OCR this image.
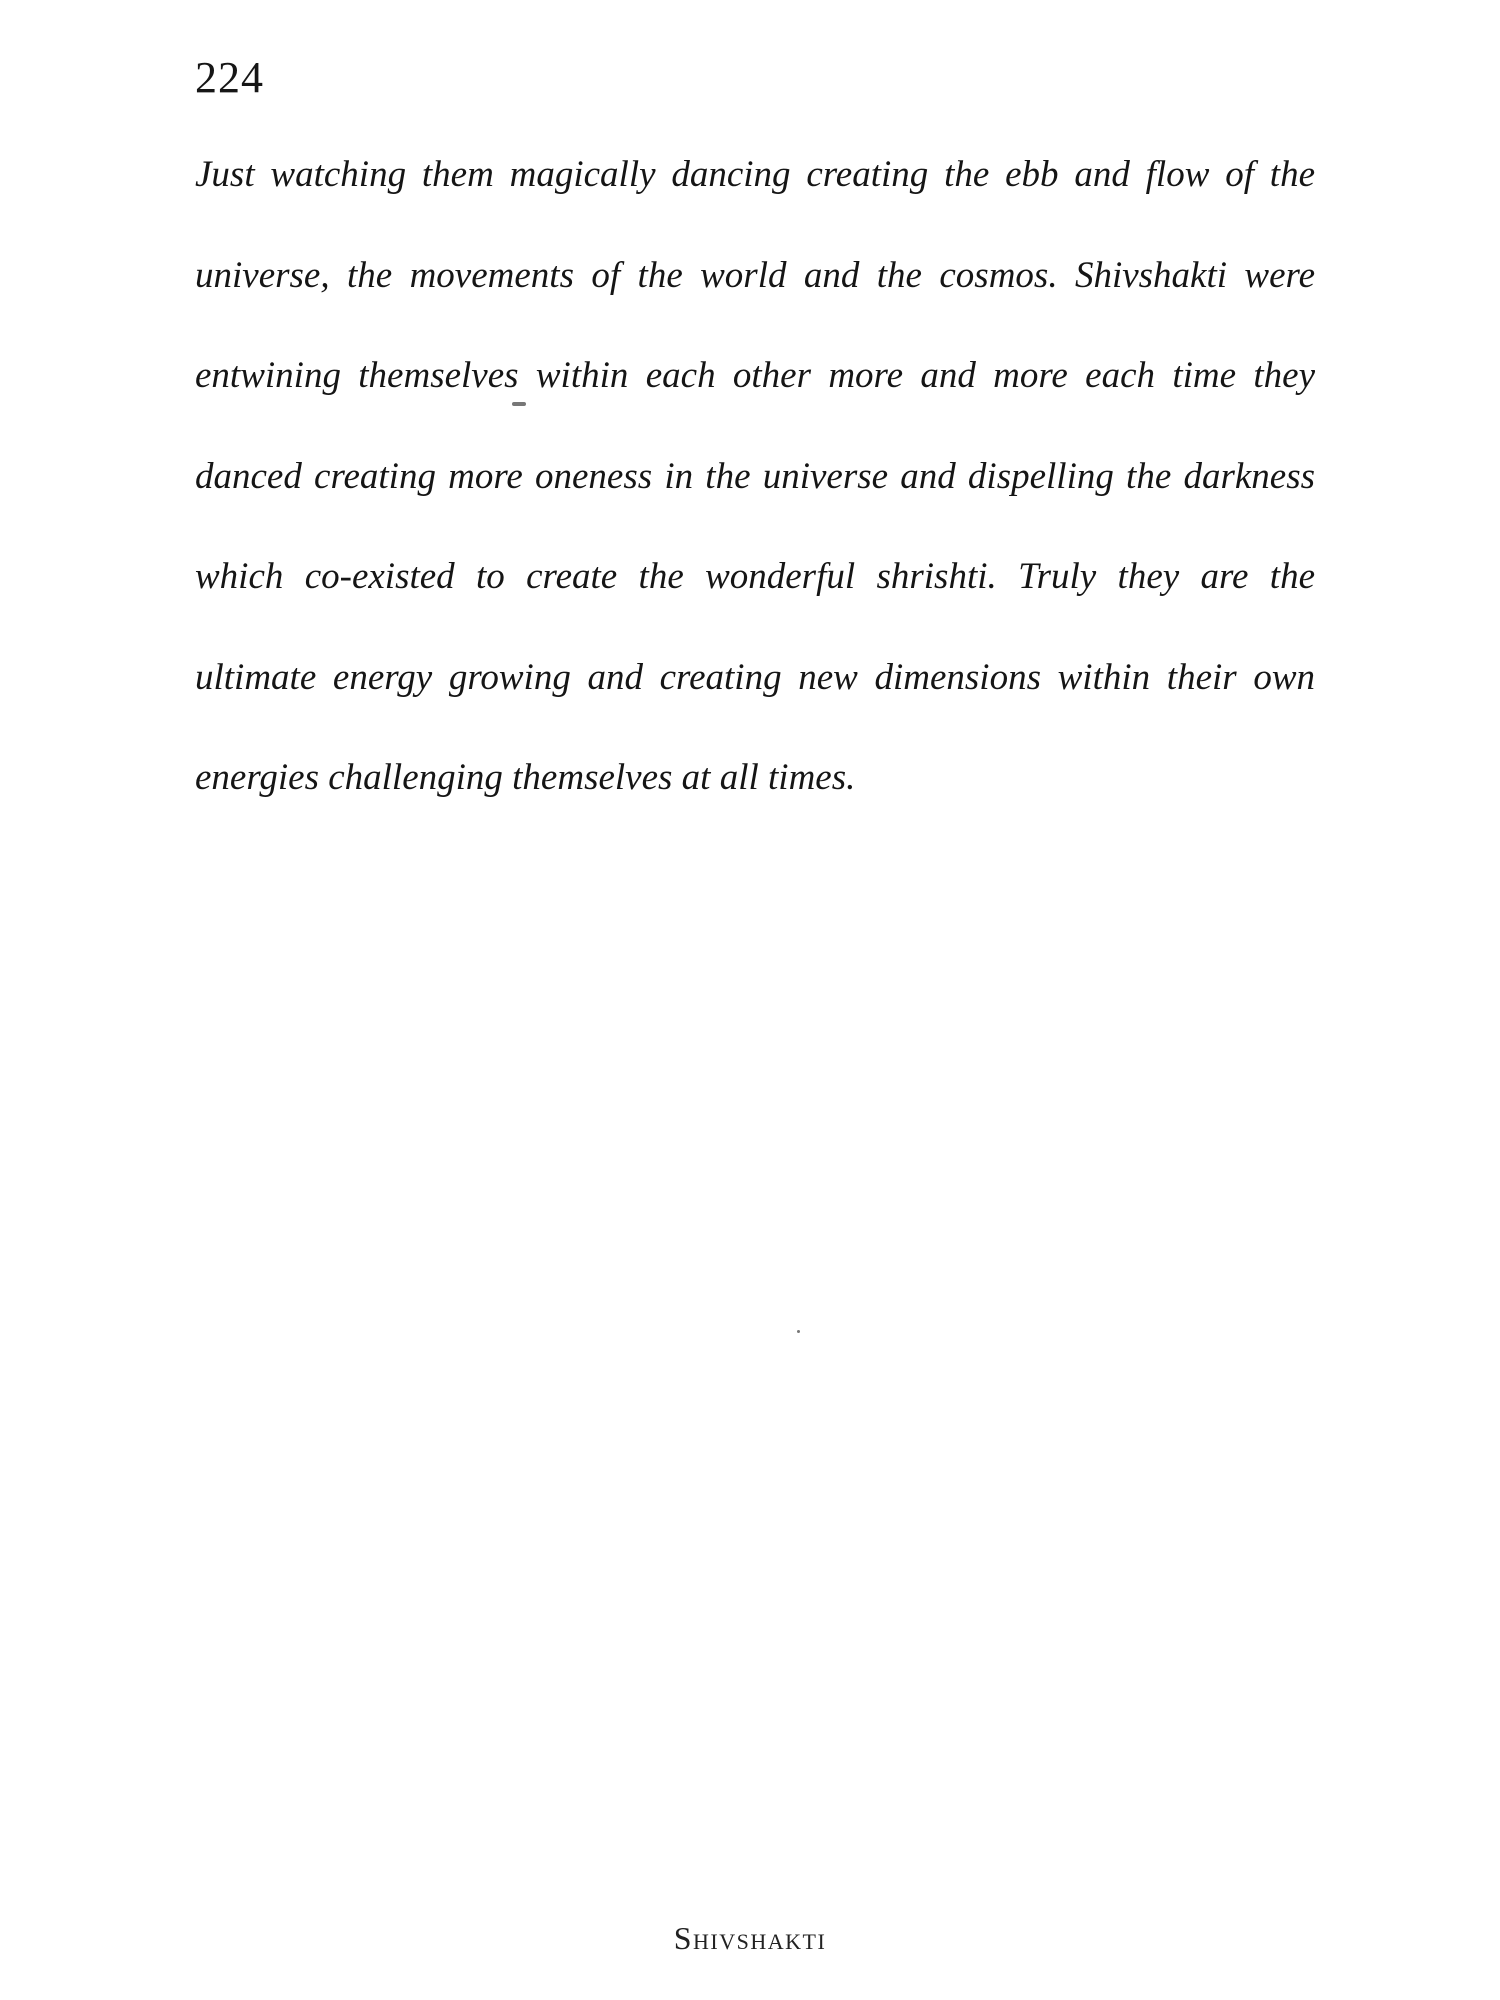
224
Just watching them magically dancing creating the ebb and flow of the
universe, the movements of the world and the cosmos. Shivshakti were
entwining themselves within each other more and more each time they
danced creating more oneness in the universe and dispelling the darkness
which co-existed to create the wonderful shrishti. Truly they are the
ultimate energy growing and creating new dimensions within their own
energies challenging themselves at all times.
Shivshakti
